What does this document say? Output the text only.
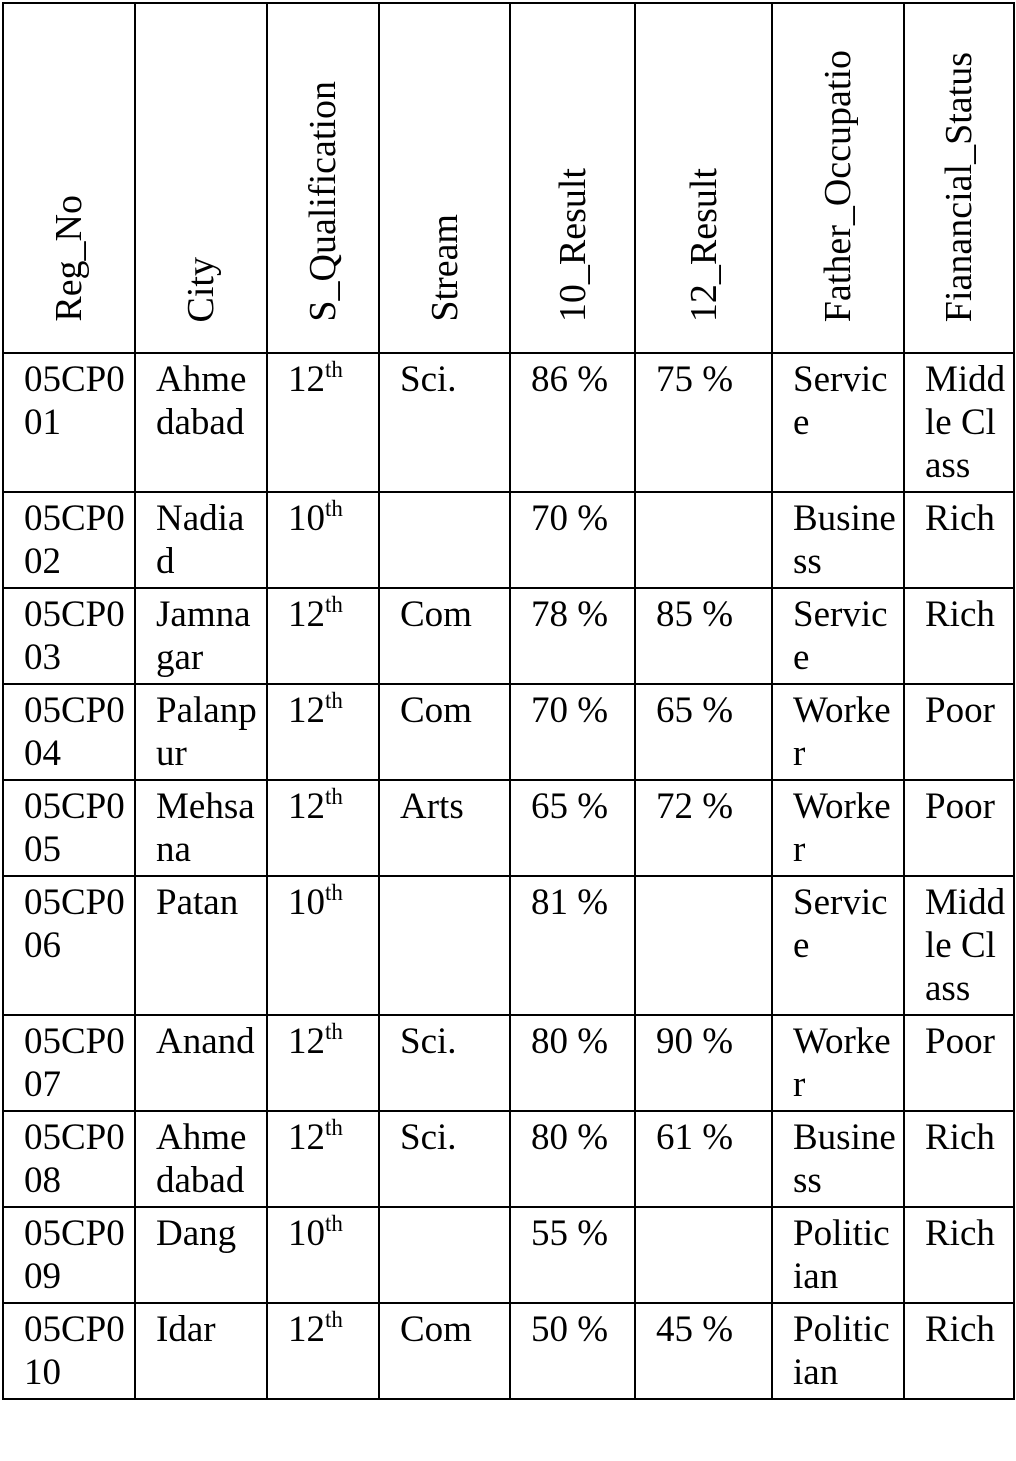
Reg_No	City	S_Qualification	Stream	10_Result	12_Result	Father_Occupatio	Fianancial_Status

05CP001	Ahmedabad	12th	Sci.	86 %	75 %	Service	Middle Class

05CP002	Nadiad	10th		70 %		Business	Rich

05CP003	Jamnagar	12th	Com	78 %	85 %	Service	Rich

05CP004	Palanpur	12th	Com	70 %	65 %	Worker	Poor

05CP005	Mehsana	12th	Arts	65 %	72 %	Worker	Poor

05CP006	Patan	10th		81 %		Service	Middle Class

05CP007	Anand	12th	Sci.	80 %	90 %	Worker	Poor

05CP008	Ahmedabad	12th	Sci.	80 %	61 %	Business	Rich

05CP009	Dang	10th		55 %		Politician	Rich

05CP010	Idar	12th	Com	50 %	45 %	Politician	Rich
